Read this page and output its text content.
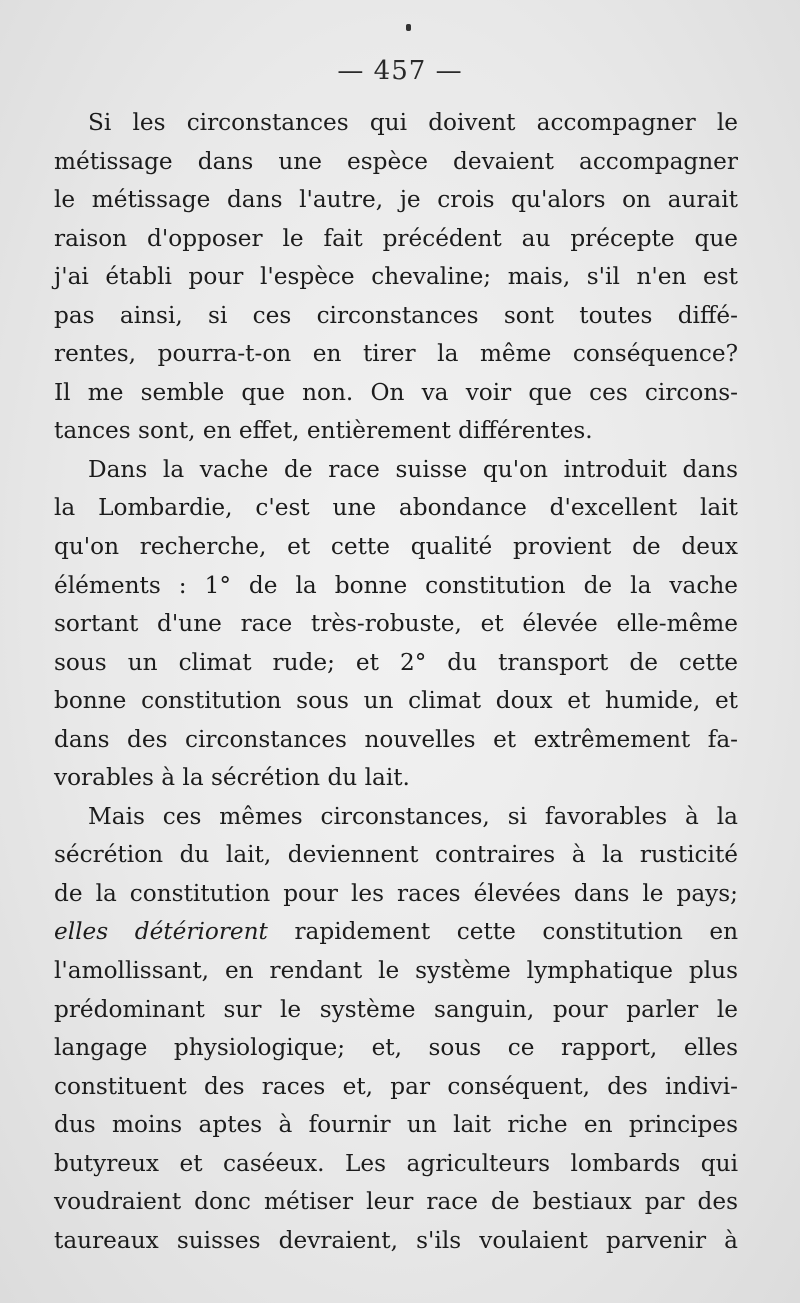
— 457 —

Si les circonstances qui doivent accompagner le
métissage dans une espèce devaient accompagner
le métissage dans l'autre, je crois qu'alors on aurait
raison d'opposer le fait précédent au précepte que
j'ai établi pour l'espèce chevaline; mais, s'il n'en est
pas ainsi, si ces circonstances sont toutes diffé-
rentes, pourra-t-on en tirer la même conséquence?
Il me semble que non. On va voir que ces circons-
tances sont, en effet, entièrement différentes.

Dans la vache de race suisse qu'on introduit dans
la Lombardie, c'est une abondance d'excellent lait
qu'on recherche, et cette qualité provient de deux
éléments : 1° de la bonne constitution de la vache
sortant d'une race très-robuste, et élevée elle-même
sous un climat rude; et 2° du transport de cette
bonne constitution sous un climat doux et humide, et
dans des circonstances nouvelles et extrêmement fa-
vorables à la sécrétion du lait.

Mais ces mêmes circonstances, si favorables à la
sécrétion du lait, deviennent contraires à la rusticité
de la constitution pour les races élevées dans le pays;
elles détériorent rapidement cette constitution en
l'amollissant, en rendant le système lymphatique plus
prédominant sur le système sanguin, pour parler le
langage physiologique; et, sous ce rapport, elles
constituent des races et, par conséquent, des indivi-
dus moins aptes à fournir un lait riche en principes
butyreux et caséeux. Les agriculteurs lombards qui
voudraient donc métiser leur race de bestiaux par des
taureaux suisses devraient, s'ils voulaient parvenir à
